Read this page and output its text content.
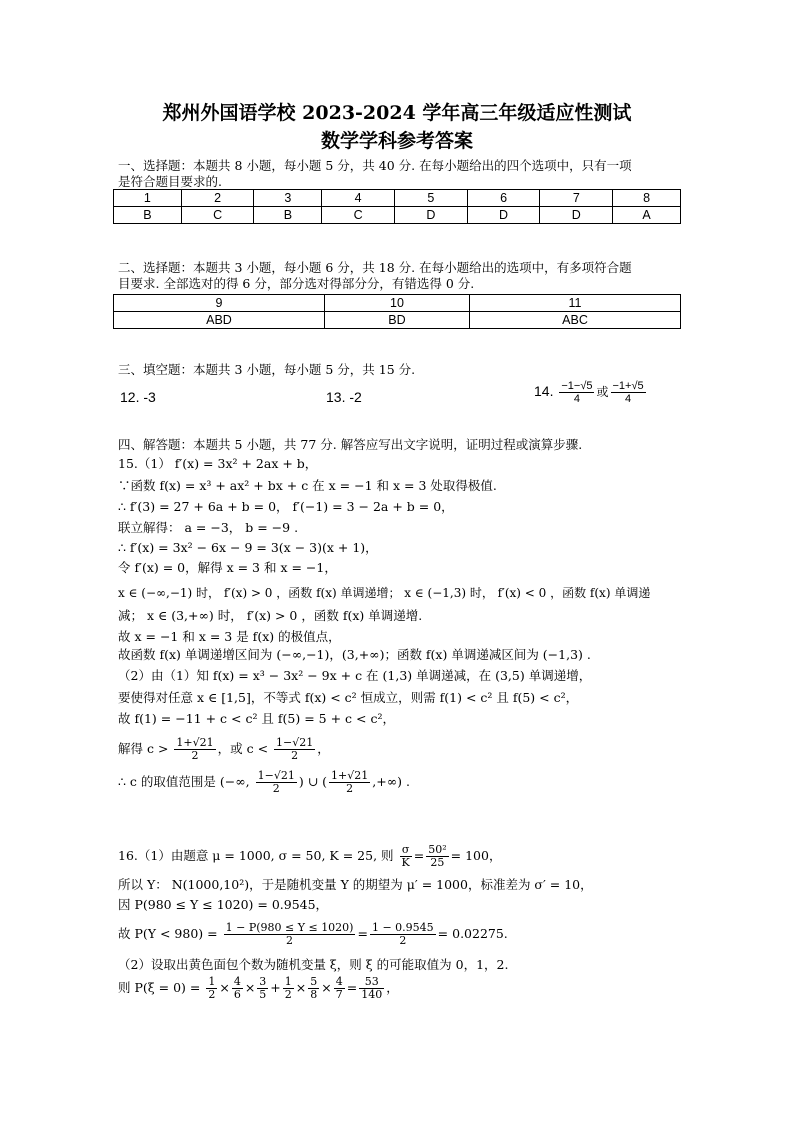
郑州外国语学校 2023-2024 学年高三年级适应性测试
数学学科参考答案
一、选择题：本题共 8 小题，每小题 5 分，共 40 分. 在每小题给出的四个选项中，只有一项
是符合题目要求的.
1	2	3	4	5	6	7	8
B	C	B	C	D	D	D	A
二、选择题：本题共 3 小题，每小题 6 分，共 18 分. 在每小题给出的选项中，有多项符合题
目要求. 全部选对的得 6 分，部分选对得部分分，有错选得 0 分.
9	10	11
ABD	BD	ABC
三、填空题：本题共 3 小题，每小题 5 分，共 15 分.
12. -3	13. -2	14. $\frac{-1-√5}{4}$ 或 $\frac{-1+√5}{4}$
四、解答题：本题共 5 小题，共 77 分. 解答应写出文字说明，证明过程或演算步骤.
15.（1） f′(x) = 3x² + 2ax + b，
∵函数 f(x) = x³ + ax² + bx + c 在 x = −1 和 x = 3 处取得极值.
∴ f′(3) = 27 + 6a + b = 0， f′(−1) = 3 − 2a + b = 0，
联立解得： a = −3， b = −9 .
∴ f′(x) = 3x² − 6x − 9 = 3(x − 3)(x + 1)，
令 f′(x) = 0，解得 x = 3 和 x = −1，
x ∈ (−∞,−1) 时， f′(x) > 0 ，函数 f(x) 单调递增； x ∈ (−1,3) 时， f′(x) < 0 ，函数 f(x) 单调递
减； x ∈ (3,+∞) 时， f′(x) > 0 ，函数 f(x) 单调递增.
故 x = −1 和 x = 3 是 f(x) 的极值点，
故函数 f(x) 单调递增区间为 (−∞,−1)，(3,+∞)；函数 f(x) 单调递减区间为 (−1,3) .
（2）由（1）知 f(x) = x³ − 3x² − 9x + c 在 (1,3) 单调递减，在 (3,5) 单调递增，
要使得对任意 x ∈ [1,5]，不等式 f(x) < c² 恒成立，则需 f(1) < c² 且 f(5) < c²，
故 f(1) = −11 + c < c² 且 f(5) = 5 + c < c²，
解得 $c > \frac{1+√21}{2}$ ，或 $c < \frac{1-√21}{2}$ ，
∴ c 的取值范围是 (−∞, $\frac{1-√21}{2}$ ) ∪ ( $\frac{1+√21}{2}$ ,+∞) .
16.（1）由题意 μ = 1000, σ = 50, K = 25, 则 $\frac{\sigma}{K} = \frac{\text{50²}}{25} = 100$，
所以 Y： N(1000,10²)，于是随机变量 Y 的期望为 μ′ = 1000，标准差为 σ′ = 10，
因 P(980 ≤ Y ≤ 1020) = 0.9545，
故 $P(Y < 980) = \frac{1 - P(980 \le Y \le 1020)}{2} = \frac{1 - 0.9545}{2} = 0.02275$.
（2）设取出黄色面包个数为随机变量 ξ，则 ξ 的可能取值为 0，1，2.
则 $P(\xi = 0) = \frac{1}{2} \times \frac{4}{6} \times \frac{3}{5} + \frac{1}{2} \times \frac{5}{8} \times \frac{4}{7} = \frac{53}{140}$ ，
